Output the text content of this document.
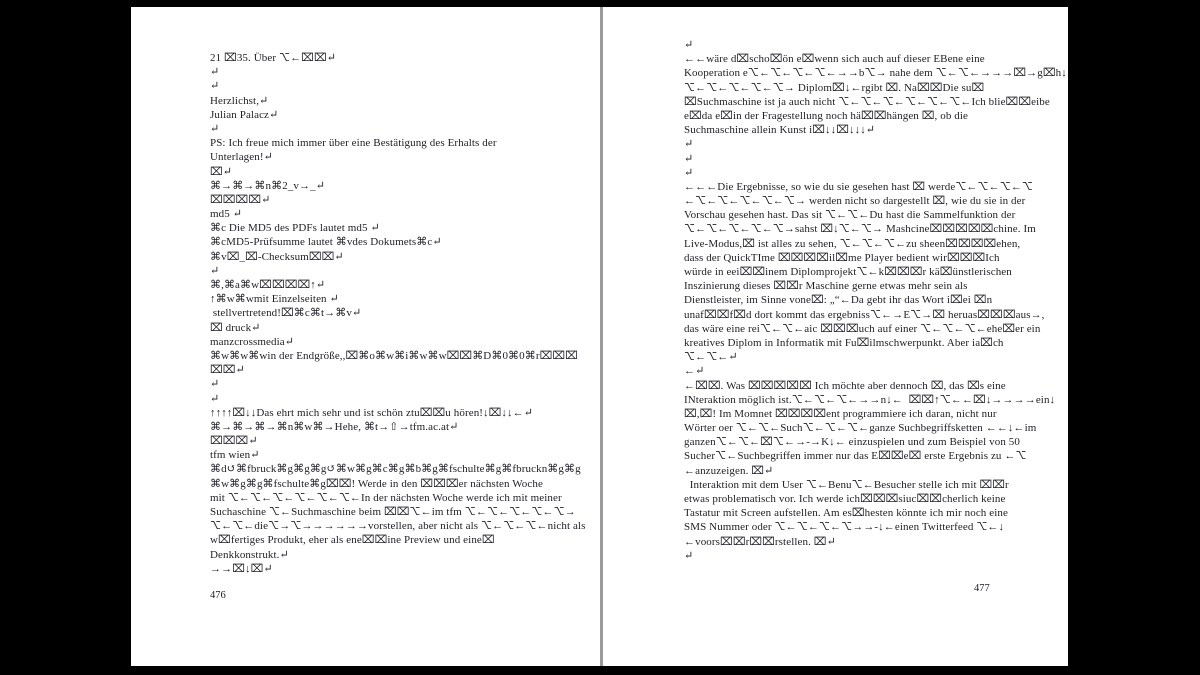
21 ⌧35. Über ⌥←⌧⌧↵
↵
↵
Herzlichst,↵
Julian Palacz↵
↵
PS: Ich freue mich immer über eine Bestätigung des Erhalts der
Unterlagen!↵
⌧↵
⌘→⌘→⌘n⌘2_v→_↵
⌧⌧⌧⌧↵
md5 ↵
⌘c Die MD5 des PDFs lautet md5 ↵
⌘cMD5-Prüfsumme lautet ⌘vdes Dokumets⌘c↵
⌘v⌧_⌧-Checksum⌧⌧↵
↵
⌘,⌘a⌘w⌧⌧⌧⌧↑↵
↑⌘w⌘wmit Einzelseiten ↵
stellvertretend!⌧⌘c⌘t→⌘v↵
⌧ druck↵
manzcrossmedia↵
⌘w⌘w⌘win der Endgröße,,⌧⌘o⌘w⌘i⌘w⌘w⌧⌧⌘D⌘0⌘0⌘r⌧⌧⌧
⌧⌧↵
↵
↵
↑↑↑↑⌧↓↓Das ehrt mich sehr und ist schön ztu⌧⌧u hören!↓⌧↓↓←↵
⌘→⌘→⌘→⌘n⌘w⌘→Hehe, ⌘t→⇧→tfm.ac.at↵
⌧⌧⌧↵
tfm wien↵
⌘d↺⌘fbruck⌘g⌘g⌘g↺⌘w⌘g⌘c⌘g⌘b⌘g⌘fschulte⌘g⌘fbruckn⌘g⌘g
⌘w⌘g⌘g⌘fschulte⌘g⌧⌧! Werde in den ⌧⌧⌧er nächsten Woche
mit ⌥←⌥←⌥←⌥←⌥←⌥←In der nächsten Woche werde ich mit meiner
Suchaschine ⌥←Suchmaschine beim ⌧⌧⌥←im tfm ⌥←⌥←⌥←⌥←⌥→
⌥←⌥←die⌥→⌥→→→→→→vorstellen, aber nicht als ⌥←⌥←⌥←nicht als
w⌧fertiges Produkt, eher als ene⌧⌧ine Preview und eine⌧
Denkkonstrukt.↵
→→⌧↓⌧↵
476
↵
←←wäre d⌧scho⌧ön e⌧wenn sich auch auf dieser EBene eine
Kooperation e⌥←⌥←⌥←⌥←→→b⌥→ nahe dem ⌥←⌥←→→→⌧→g⌧h↓
⌥←⌥←⌥←⌥←⌥→ Diplom⌧↓←rgibt ⌧. Na⌧⌧Die su⌧
⌧Suchmaschine ist ja auch nicht ⌥←⌥←⌥←⌥←⌥←⌥←Ich blie⌧⌧eibe
e⌧da e⌧in der Fragestellung noch hä⌧⌧hängen ⌧, ob die
Suchmaschine allein Kunst i⌧↓↓⌧↓↓↓↵
↵
↵
↵
←←←Die Ergebnisse, so wie du sie gesehen hast ⌧ werde⌥←⌥←⌥←⌥
←⌥←⌥←⌥←⌥←⌥→ werden nicht so dargestellt ⌧, wie du sie in der
Vorschau gesehen hast. Das sit ⌥←⌥←Du hast die Sammelfunktion der
⌥←⌥←⌥←⌥←⌥→sahst ⌧↓⌥←⌥→ Mashcine⌧⌧⌧⌧⌧chine. Im
Live-Modus,⌧ ist alles zu sehen, ⌥←⌥←⌥←zu sheen⌧⌧⌧⌧ehen,
dass der QuickTIme ⌧⌧⌧⌧il⌧me Player bedient wir⌧⌧⌧Ich
würde in eei⌧⌧inem Diplomprojekt⌥←k⌧⌧⌧r kä⌧ünstlerischen
Inszinierung dieses ⌧⌧r Maschine gerne etwas mehr sein als
Dienstleister, im Sinne vone⌧: „“←Da gebt ihr das Wort i⌧ei ⌧n
unaf⌧⌧f⌧d dort kommt das ergebniss⌥←→E⌥→⌧ heruas⌧⌧⌧aus→,
das wäre eine rei⌥←⌥←aic ⌧⌧⌧uch auf einer ⌥←⌥←⌥←ehe⌧er ein
kreatives Diplom in Informatik mit Fu⌧ilmschwerpunkt. Aber ia⌧ch
⌥←⌥←↵
←↵
←⌧⌧. Was ⌧⌧⌧⌧⌧ Ich möchte aber dennoch ⌧, das ⌧s eine
INteraktion möglich ist.⌥←⌥←⌥←→→n↓←  ⌧⌧↑⌥←←⌧↓→→→→ein↓
⌧,⌧! Im Momnet ⌧⌧⌧⌧ent programmiere ich daran, nicht nur
Wörter oer ⌥←⌥←Such⌥←⌥←⌥←ganze Suchbegriffsketten ←←↓←im
ganzen⌥←⌥←⌧⌥←→-→K↓← einzuspielen und zum Beispiel von 50
Sucher⌥←Suchbegriffen immer nur das E⌧⌧e⌧ erste Ergebnis zu ←⌥
←anzuzeigen. ⌧↵
Interaktion mit dem User ⌥←Benu⌥←Besucher stelle ich mit ⌧⌧r
etwas problematisch vor. Ich werde ich⌧⌧⌧siuc⌧⌧cherlich keine
Tastatur mit Screen aufstellen. Am es⌧hesten könnte ich mir noch eine
SMS Nummer oder ⌥←⌥←⌥←⌥→→-↓←einen Twitterfeed ⌥←↓
←voors⌧⌧r⌧⌧rstellen. ⌧↵
↵
477
